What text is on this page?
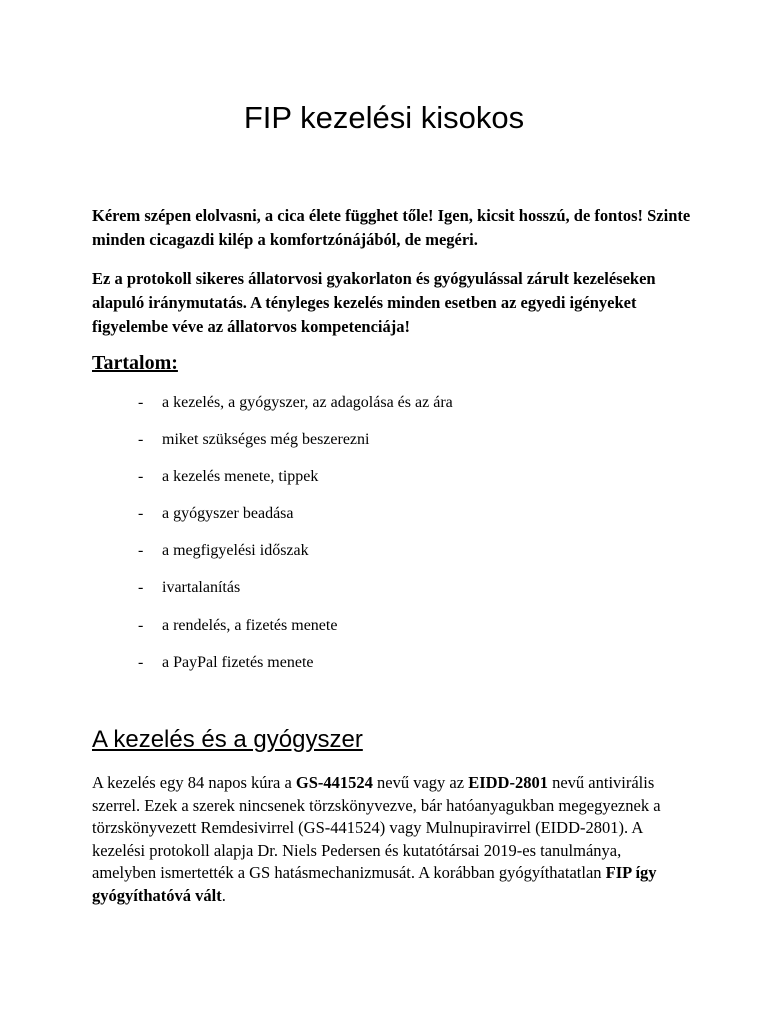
FIP kezelési kisokos

Kérem szépen elolvasni, a cica élete függhet tőle! Igen, kicsit hosszú, de fontos! Szinte minden cicagazdi kilép a komfortzónájából, de megéri.

Ez a protokoll sikeres állatorvosi gyakorlaton és gyógyulással zárult kezeléseken alapuló iránymutatás. A tényleges kezelés minden esetben az egyedi igényeket figyelembe véve az állatorvos kompetenciája!

Tartalom:
- a kezelés, a gyógyszer, az adagolása és az ára
- miket szükséges még beszerezni
- a kezelés menete, tippek
- a gyógyszer beadása
- a megfigyelési időszak
- ivartalanítás
- a rendelés, a fizetés menete
- a PayPal fizetés menete
A kezelés és a gyógyszer

A kezelés egy 84 napos kúra a GS-441524 nevű vagy az EIDD-2801 nevű antivirális szerrel. Ezek a szerek nincsenek törzskönyvezve, bár hatóanyagukban megegyeznek a törzskönyvezett Remdesivirrel (GS-441524) vagy Mulnupiravirrel (EIDD-2801). A kezelési protokoll alapja Dr. Niels Pedersen és kutatótársai 2019-es tanulmánya, amelyben ismertették a GS hatásmechanizmusát. A korábban gyógyíthatatlan FIP így gyógyíthatóvá vált.
